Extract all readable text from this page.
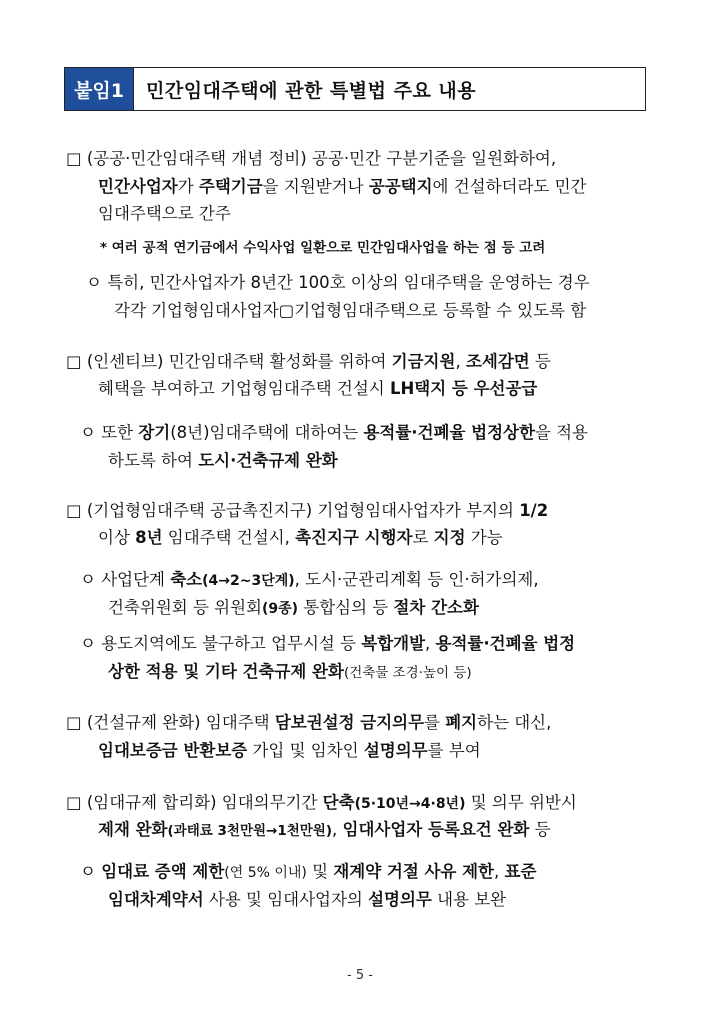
붙임1	민간임대주택에 관한 특별법 주요 내용
□ (공공·민간임대주택 개념 정비) 공공·민간 구분기준을 일원화하여,
민간사업자가 주택기금을 지원받거나 공공택지에 건설하더라도 민간
임대주택으로 간주
* 여러 공적 연기금에서 수익사업 일환으로 민간임대사업을 하는 점 등 고려
ㅇ 특히, 민간사업자가 8년간 100호 이상의 임대주택을 운영하는 경우
각각 기업형임대사업자▢기업형임대주택으로 등록할 수 있도록 함
□ (인센티브) 민간임대주택 활성화를 위하여 기금지원, 조세감면 등
혜택을 부여하고 기업형임대주택 건설시 LH택지 등 우선공급
ㅇ 또한 장기(8년)임대주택에 대하여는 용적률·건폐율 법정상한을 적용
하도록 하여 도시·건축규제 완화
□ (기업형임대주택 공급촉진지구) 기업형임대사업자가 부지의 1/2
이상 8년 임대주택 건설시, 촉진지구 시행자로 지정 가능
ㅇ 사업단계 축소(4→2~3단계), 도시·군관리계획 등 인·허가의제,
건축위원회 등 위원회(9종) 통합심의 등 절차 간소화
ㅇ 용도지역에도 불구하고 업무시설 등 복합개발, 용적률·건폐율 법정
상한 적용 및 기타 건축규제 완화(건축물 조경·높이 등)
□ (건설규제 완화) 임대주택 담보권설정 금지의무를 폐지하는 대신,
임대보증금 반환보증 가입 및 임차인 설명의무를 부여
□ (임대규제 합리화) 임대의무기간 단축(5·10년→4·8년) 및 의무 위반시
제재 완화(과태료 3천만원→1천만원), 임대사업자 등록요건 완화 등
ㅇ 임대료 증액 제한(연 5% 이내) 및 재계약 거절 사유 제한, 표준
임대차계약서 사용 및 임대사업자의 설명의무 내용 보완
- 5 -
